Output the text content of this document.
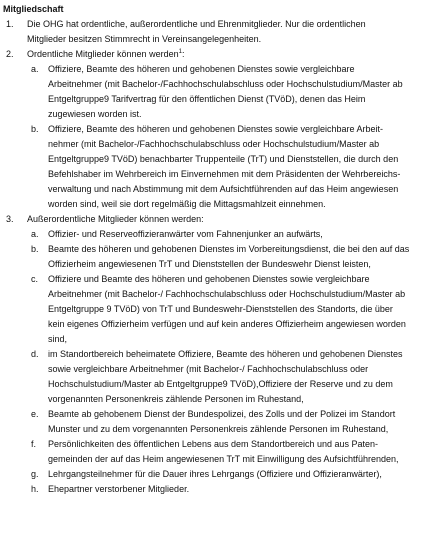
Mitgliedschaft
1. Die OHG hat ordentliche, außerordentliche und Ehrenmitglieder. Nur die ordentlichen
Mitglieder besitzen Stimmrecht in Vereinsangelegenheiten.
2. Ordentliche Mitglieder können werden$^1$:
a. Offiziere, Beamte des höheren und gehobenen Dienstes sowie vergleichbare
Arbeitnehmer (mit Bachelor-/Fachhochschulabschluss oder Hochschulstudium/Master ab
Entgeltgruppe9 Tarifvertrag für den öffentlichen Dienst (TVöD), denen das Heim
zugewiesen worden ist.
b. Offiziere, Beamte des höheren und gehobenen Dienstes sowie vergleichbare Arbeit-
nehmer (mit Bachelor-/Fachhochschulabschluss oder Hochschulstudium/Master ab
Entgeltgruppe9 TVöD) benachbarter Truppenteile (TrT) und Dienststellen, die durch den
Befehlshaber im Wehrbereich im Einvernehmen mit dem Präsidenten der Wehrbereichs-
verwaltung und nach Abstimmung mit dem Aufsichtführenden auf das Heim angewiesen
worden sind, weil sie dort regelmäßig die Mittagsmahlzeit einnehmen.
3. Außerordentliche Mitglieder können werden:
a. Offizier- und Reserveoffizieranwärter vom Fahnenjunker an aufwärts,
b. Beamte des höheren und gehobenen Dienstes im Vorbereitungsdienst, die bei den auf das
Offizierheim angewiesenen TrT und Dienststellen der Bundeswehr Dienst leisten,
c. Offiziere und Beamte des höheren und gehobenen Dienstes sowie vergleichbare
Arbeitnehmer (mit Bachelor-/ Fachhochschulabschluss oder Hochschulstudium/Master ab
Entgeltgruppe 9 TVöD) von TrT und Bundeswehr-Dienststellen des Standorts, die über
kein eigenes Offizierheim verfügen und auf kein anderes Offizierheim angewiesen worden
sind,
d. im Standortbereich beheimatete Offiziere, Beamte des höheren und gehobenen Dienstes
sowie vergleichbare Arbeitnehmer (mit Bachelor-/ Fachhochschulabschluss oder
Hochschulstudium/Master ab Entgeltgruppe9 TVöD),Offiziere der Reserve und zu dem
vorgenannten Personenkreis zählende Personen im Ruhestand,
e. Beamte ab gehobenem Dienst der Bundespolizei, des Zolls und der Polizei im Standort
Munster und zu dem vorgenannten Personenkreis zählende Personen im Ruhestand,
f. Persönlichkeiten des öffentlichen Lebens aus dem Standortbereich und aus Paten-
gemeinden der auf das Heim angewiesenen TrT mit Einwilligung des Aufsichtführenden,
g. Lehrgangsteilnehmer für die Dauer ihres Lehrgangs (Offiziere und Offizieranwärter),
h. Ehepartner verstorbener Mitglieder.
